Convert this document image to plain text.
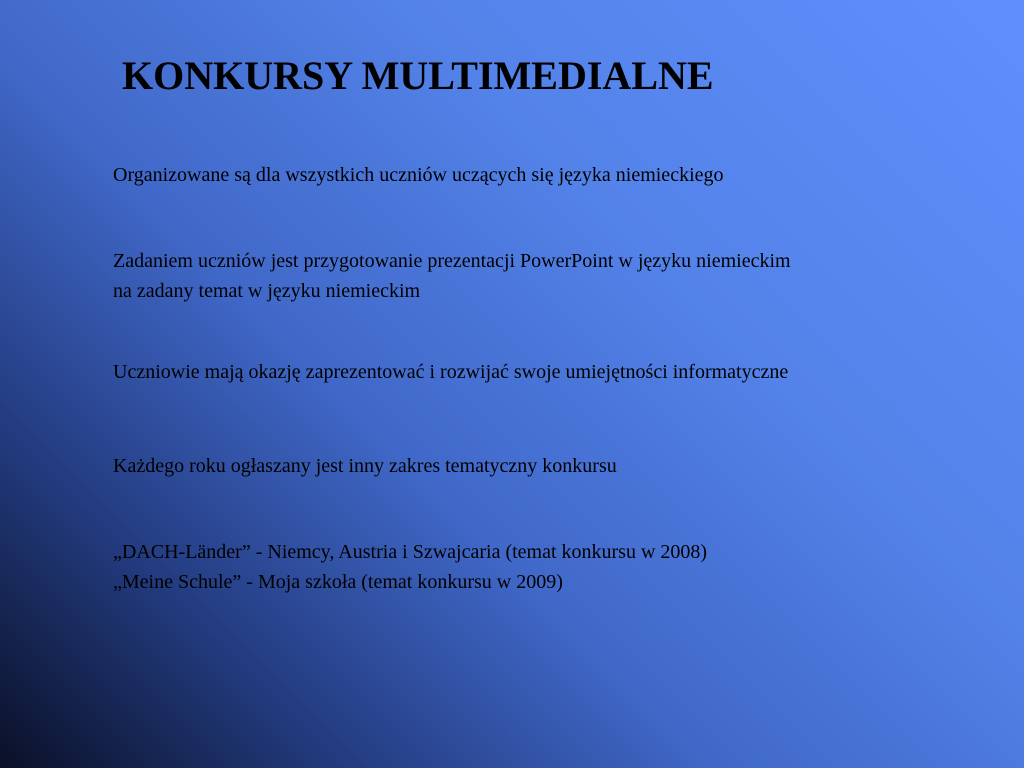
KONKURSY MULTIMEDIALNE

Organizowane są dla wszystkich uczniów uczących się języka niemieckiego

Zadaniem uczniów jest przygotowanie prezentacji PowerPoint w języku niemieckim
na zadany temat w języku niemieckim

Uczniowie mają okazję zaprezentować i rozwijać swoje umiejętności informatyczne

Każdego roku ogłaszany jest inny zakres tematyczny konkursu

„DACH-Länder” - Niemcy, Austria i Szwajcaria (temat konkursu w 2008)
„Meine Schule” - Moja szkoła (temat konkursu w 2009)
